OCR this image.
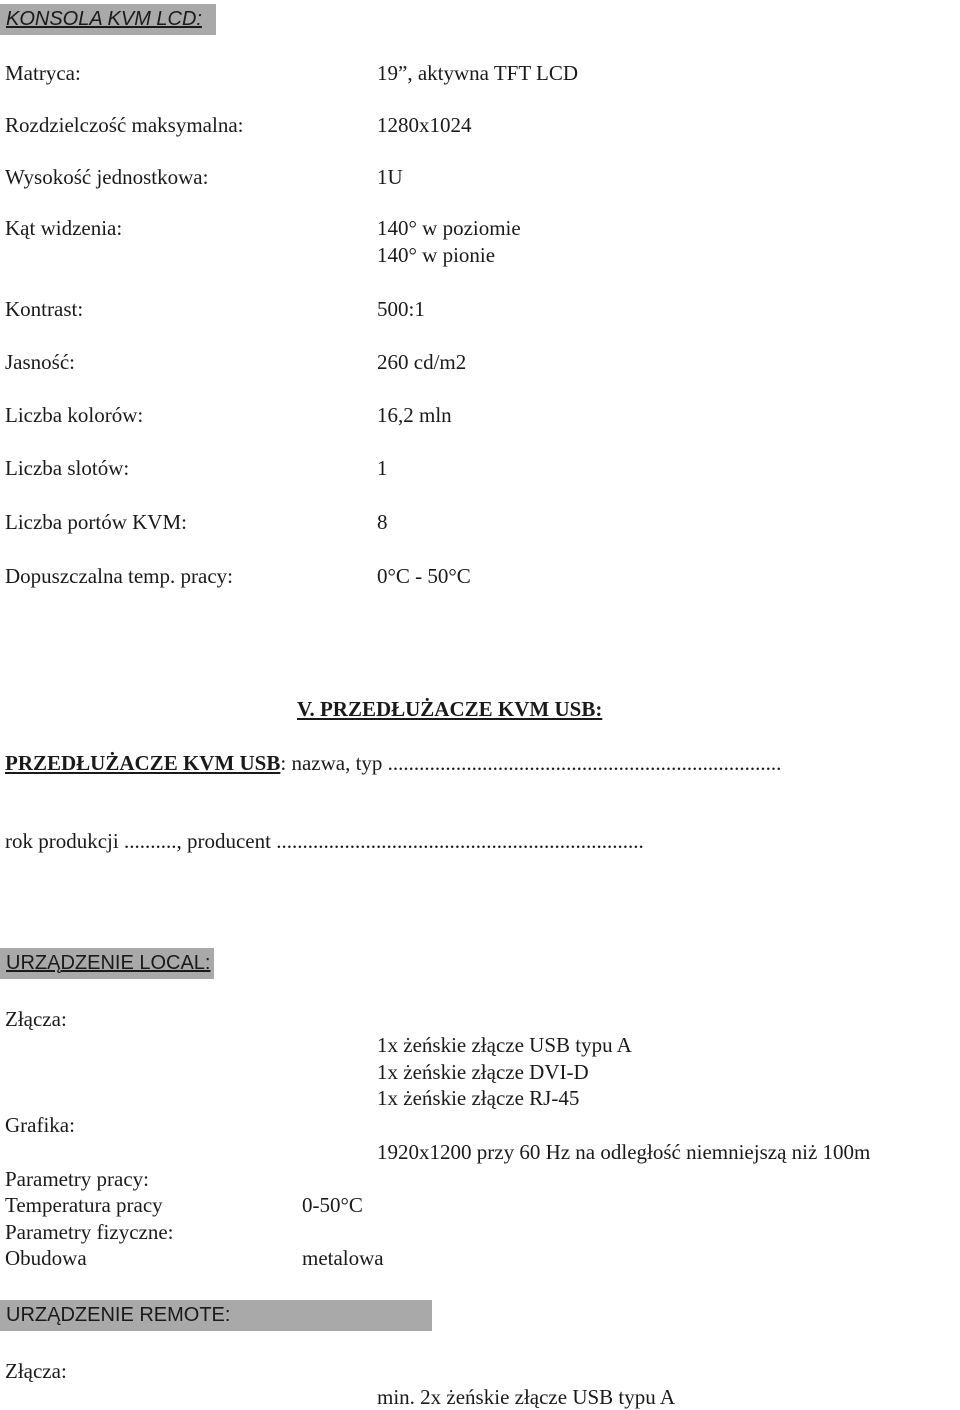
KONSOLA KVM LCD:
Matryca:	19”, aktywna TFT LCD
Rozdzielczość maksymalna:	1280x1024
Wysokość jednostkowa:	1U
Kąt widzenia:	140° w poziomie
140° w pionie
Kontrast:	500:1
Jasność:	260 cd/m2
Liczba kolorów:	16,2 mln
Liczba slotów:	1
Liczba portów KVM:	8
Dopuszczalna temp. pracy:	0°C - 50°C
V. PRZEDŁUŻACZE KVM USB:
PRZEDŁUŻACZE KVM USB: nazwa, typ ...........................................................................
rok produkcji .........., producent ......................................................................
URZĄDZENIE LOCAL:
Złącza:
1x żeńskie złącze USB typu A
1x żeńskie złącze DVI-D
1x żeńskie złącze RJ-45
Grafika:
1920x1200 przy 60 Hz na odległość niemniejszą niż 100m
Parametry pracy:
Temperatura pracy	0-50°C
Parametry fizyczne:
Obudowa	metalowa
URZĄDZENIE REMOTE:
Złącza:
min. 2x żeńskie złącze USB typu A
